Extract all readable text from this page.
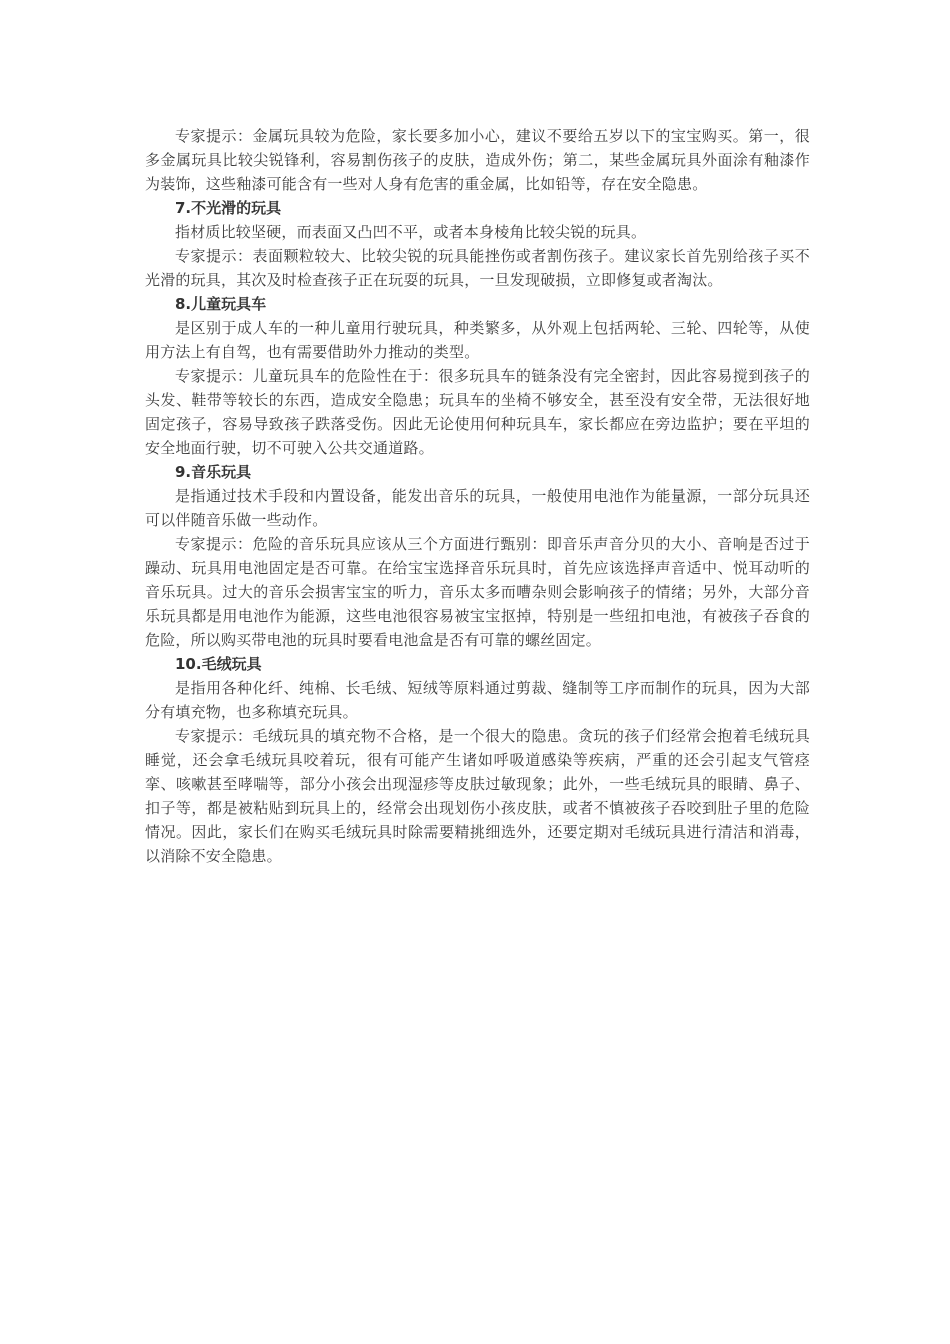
专家提示：金属玩具较为危险，家长要多加小心，建议不要给五岁以下的宝宝购买。第一，很多金属玩具比较尖锐锋利，容易割伤孩子的皮肤，造成外伤；第二，某些金属玩具外面涂有釉漆作为装饰，这些釉漆可能含有一些对人身有危害的重金属，比如铅等，存在安全隐患。

7.不光滑的玩具

指材质比较坚硬，而表面又凸凹不平，或者本身棱角比较尖锐的玩具。

专家提示：表面颗粒较大、比较尖锐的玩具能挫伤或者割伤孩子。建议家长首先别给孩子买不光滑的玩具，其次及时检查孩子正在玩耍的玩具，一旦发现破损，立即修复或者淘汰。

8.儿童玩具车

是区别于成人车的一种儿童用行驶玩具，种类繁多，从外观上包括两轮、三轮、四轮等，从使用方法上有自驾，也有需要借助外力推动的类型。

专家提示：儿童玩具车的危险性在于：很多玩具车的链条没有完全密封，因此容易搅到孩子的头发、鞋带等较长的东西，造成安全隐患；玩具车的坐椅不够安全，甚至没有安全带，无法很好地固定孩子，容易导致孩子跌落受伤。因此无论使用何种玩具车，家长都应在旁边监护；要在平坦的安全地面行驶，切不可驶入公共交通道路。

9.音乐玩具

是指通过技术手段和内置设备，能发出音乐的玩具，一般使用电池作为能量源，一部分玩具还可以伴随音乐做一些动作。

专家提示：危险的音乐玩具应该从三个方面进行甄别：即音乐声音分贝的大小、音响是否过于躁动、玩具用电池固定是否可靠。在给宝宝选择音乐玩具时，首先应该选择声音适中、悦耳动听的音乐玩具。过大的音乐会损害宝宝的听力，音乐太多而嘈杂则会影响孩子的情绪；另外，大部分音乐玩具都是用电池作为能源，这些电池很容易被宝宝抠掉，特别是一些纽扣电池，有被孩子吞食的危险，所以购买带电池的玩具时要看电池盒是否有可靠的螺丝固定。

10.毛绒玩具

是指用各种化纤、纯棉、长毛绒、短绒等原料通过剪裁、缝制等工序而制作的玩具，因为大部分有填充物，也多称填充玩具。

专家提示：毛绒玩具的填充物不合格，是一个很大的隐患。贪玩的孩子们经常会抱着毛绒玩具睡觉，还会拿毛绒玩具咬着玩，很有可能产生诸如呼吸道感染等疾病，严重的还会引起支气管痉挛、咳嗽甚至哮喘等，部分小孩会出现湿疹等皮肤过敏现象；此外，一些毛绒玩具的眼睛、鼻子、扣子等，都是被粘贴到玩具上的，经常会出现划伤小孩皮肤，或者不慎被孩子吞咬到肚子里的危险情况。因此，家长们在购买毛绒玩具时除需要精挑细选外，还要定期对毛绒玩具进行清洁和消毒，以消除不安全隐患。
